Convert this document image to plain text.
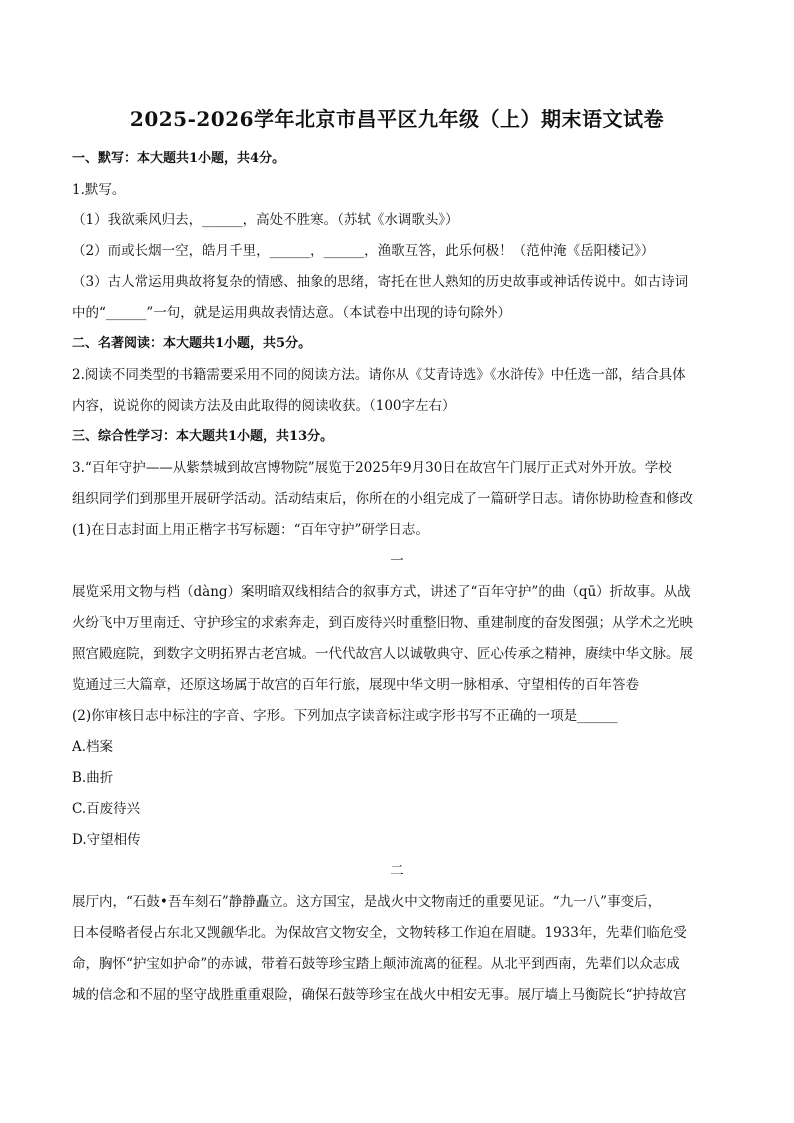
2025-2026学年北京市昌平区九年级（上）期末语文试卷
一、默写：本大题共1小题，共4分。
1.默写。
（1）我欲乘风归去，______，高处不胜寒。（苏轼《水调歌头》）
（2）而或长烟一空，皓月千里，______，______，渔歌互答，此乐何极！（范仲淹《岳阳楼记》）
（3）古人常运用典故将复杂的情感、抽象的思绪，寄托在世人熟知的历史故事或神话传说中。如古诗词
中的“______”一句，就是运用典故表情达意。（本试卷中出现的诗句除外）
二、名著阅读：本大题共1小题，共5分。
2.阅读不同类型的书籍需要采用不同的阅读方法。请你从《艾青诗选》《水浒传》中任选一部，结合具体
内容，说说你的阅读方法及由此取得的阅读收获。（100字左右）
三、综合性学习：本大题共1小题，共13分。
3.“百年守护——从紫禁城到故宫博物院”展览于2025年9月30日在故宫午门展厅正式对外开放。学校
组织同学们到那里开展研学活动。活动结束后，你所在的小组完成了一篇研学日志。请你协助检查和修改
(1)在日志封面上用正楷字书写标题：“百年守护”研学日志。
一
展览采用文物与档（dàng）案明暗双线相结合的叙事方式，讲述了“百年守护”的曲（qū）折故事。从战
火纷飞中万里南迁、守护珍宝的求索奔走，到百废待兴时重整旧物、重建制度的奋发图强；从学术之光映
照宫殿庭院，到数字文明拓界古老宫城。一代代故宫人以诚敬典守、匠心传承之精神，赓续中华文脉。展
览通过三大篇章，还原这场属于故宫的百年行旅，展现中华文明一脉相承、守望相传的百年答卷
(2)你审核日志中标注的字音、字形。下列加点字读音标注或字形书写不正确的一项是______
A.档案
B.曲折
C.百废待兴
D.守望相传
二
展厅内，“石鼓•吾车刻石”静静矗立。这方国宝，是战火中文物南迁的重要见证。“九一八”事变后，
日本侵略者侵占东北又觊觎华北。为保故宫文物安全，文物转移工作迫在眉睫。1933年，先辈们临危受
命，胸怀“护宝如护命”的赤诚，带着石鼓等珍宝踏上颠沛流离的征程。从北平到西南，先辈们以众志成
城的信念和不屈的坚守战胜重重艰险，确保石鼓等珍宝在战火中相安无事。展厅墙上马衡院长“护持故宫
